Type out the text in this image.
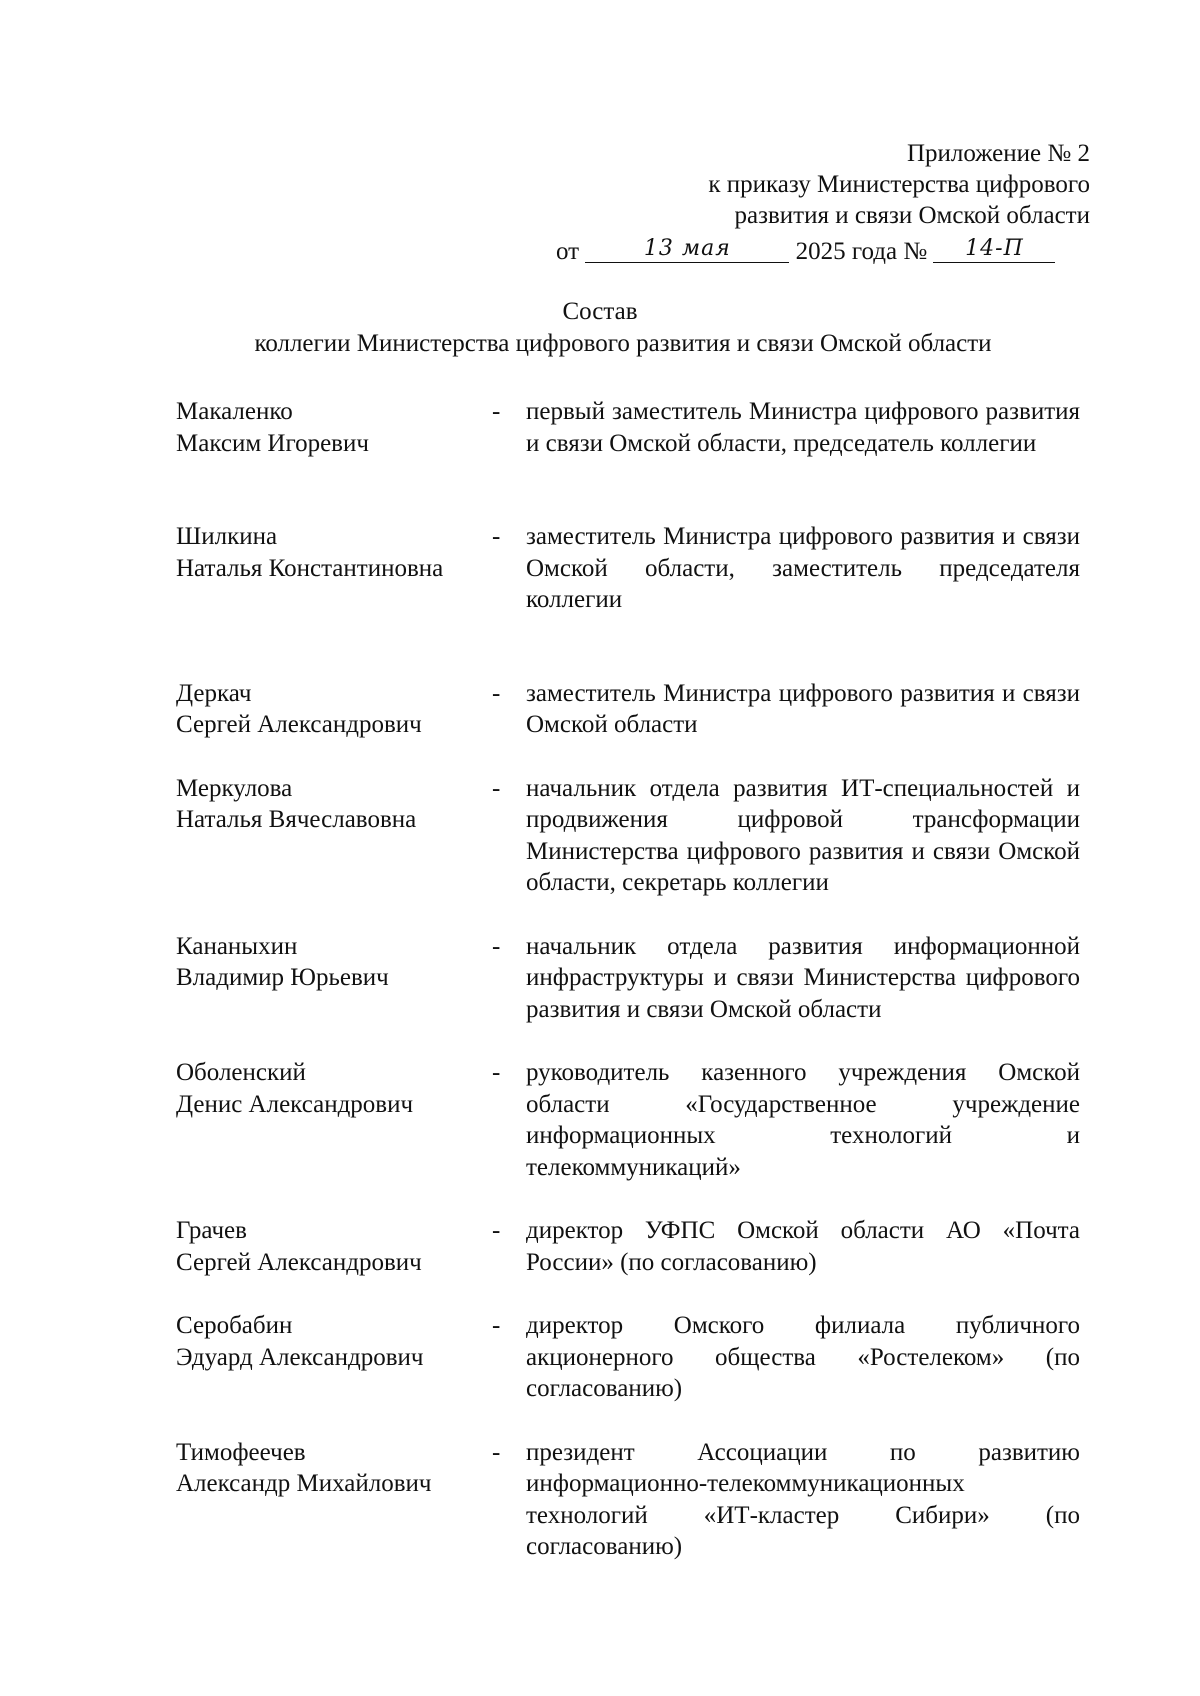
Приложение № 2
к приказу Министерства цифрового
развития и связи Омской области
от	13 мая	2025 года № 14-П
Состав
коллегии Министерства цифрового развития и связи Омской области
Макаленко
Максим Игоревич
-	первый заместитель Министра цифрового развития и связи Омской области, председатель коллегии
Шилкина
Наталья Константиновна
-	заместитель Министра цифрового развития и связи Омской области, заместитель председателя коллегии
Деркач
Сергей Александрович
-	заместитель Министра цифрового развития и связи Омской области
Меркулова
Наталья Вячеславовна
-	начальник отдела развития ИТ-специальностей и продвижения цифровой трансформации Министерства цифрового развития и связи Омской области, секретарь коллегии
Кананыхин
Владимир Юрьевич
-	начальник отдела развития информационной инфраструктуры и связи Министерства цифрового развития и связи Омской области
Оболенский
Денис Александрович
-	руководитель казенного учреждения Омской области «Государственное учреждение информационных технологий и телекоммуникаций»
Грачев
Сергей Александрович
-	директор УФПС Омской области АО «Почта России» (по согласованию)
Серобабин
Эдуард Александрович
-	директор Омского филиала публичного акционерного общества «Ростелеком» (по согласованию)
Тимофеечев
Александр Михайлович
-	президент Ассоциации по развитию информационно-телекоммуникационных технологий «ИТ-кластер Сибири» (по согласованию)
